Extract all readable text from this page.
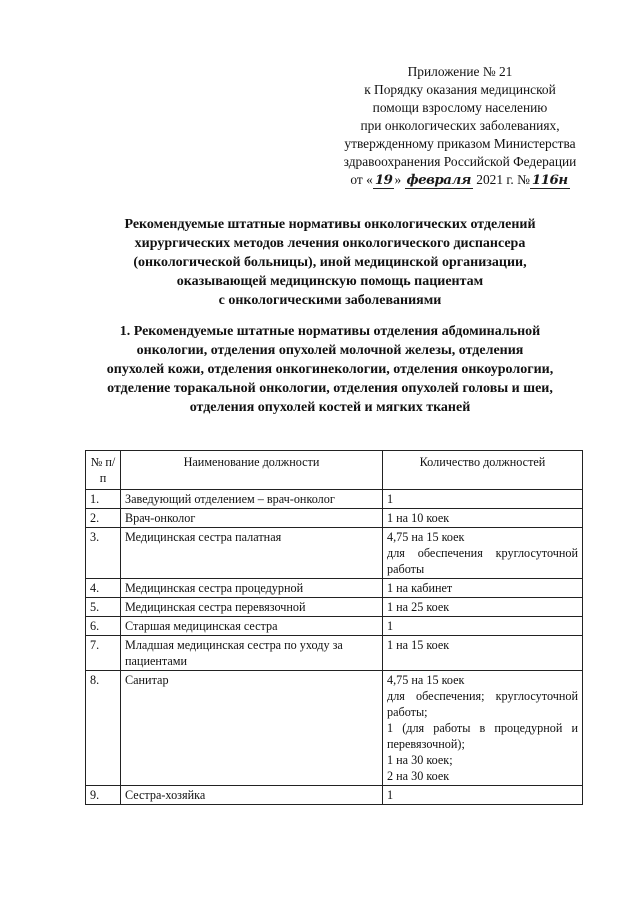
Приложение № 21
к Порядку оказания медицинской
помощи взрослому населению
при онкологических заболеваниях,
утвержденному приказом Министерства
здравоохранения Российской Федерации
от « 19 » февраля 2021 г. № 116н
Рекомендуемые штатные нормативы онкологических отделений
хирургических методов лечения онкологического диспансера
(онкологической больницы), иной медицинской организации,
оказывающей медицинскую помощь пациентам
с онкологическими заболеваниями
1. Рекомендуемые штатные нормативы отделения абдоминальной
онкологии, отделения опухолей молочной железы, отделения
опухолей кожи, отделения онкогинекологии, отделения онкоурологии,
отделение торакальной онкологии, отделения опухолей головы и шеи,
отделения опухолей костей и мягких тканей
№ п/п	Наименование должности	Количество должностей
1.	Заведующий отделением – врач-онколог	1

2.	Врач-онколог	1 на 10 коек

3.	Медицинская сестра палатная	4,75 на 15 коек
для обеспечения круглосуточной работы

4.	Медицинская сестра процедурной	1 на кабинет

5.	Медицинская сестра перевязочной	1 на 25 коек

6.	Старшая медицинская сестра	1

7.	Младшая медицинская сестра по уходу за пациентами	1 на 15 коек

8.	Санитар	4,75 на 15 коек
для обеспечения; круглосуточной работы;
1 (для работы в процедурной и перевязочной);
1 на 30 коек;
2 на 30 коек

9.	Сестра-хозяйка	1
